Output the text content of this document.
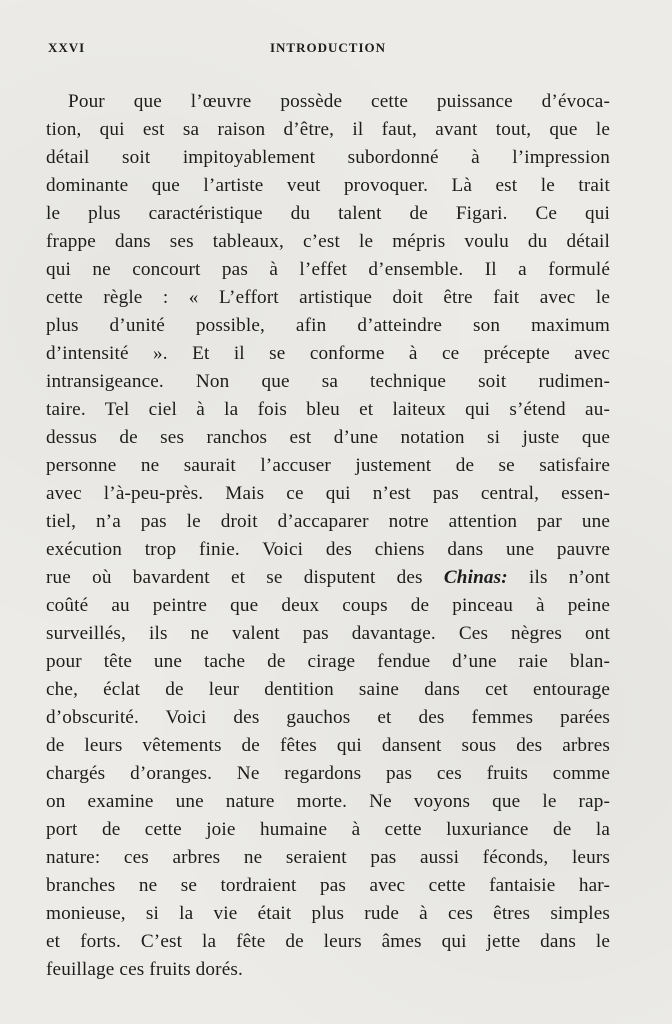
XXVI	INTRODUCTION
Pour que l’œuvre possède cette puissance d’évoca-
tion, qui est sa raison d’être, il faut, avant tout, que le
détail soit impitoyablement subordonné à l’impression
dominante que l’artiste veut provoquer. Là est le trait
le plus caractéristique du talent de Figari. Ce qui
frappe dans ses tableaux, c’est le mépris voulu du détail
qui ne concourt pas à l’effet d’ensemble. Il a formulé
cette règle : « L’effort artistique doit être fait avec le
plus d’unité possible, afin d’atteindre son maximum
d’intensité ». Et il se conforme à ce précepte avec
intransigeance. Non que sa technique soit rudimen-
taire. Tel ciel à la fois bleu et laiteux qui s’étend au-
dessus de ses ranchos est d’une notation si juste que
personne ne saurait l’accuser justement de se satisfaire
avec l’à-peu-près. Mais ce qui n’est pas central, essen-
tiel, n’a pas le droit d’accaparer notre attention par une
exécution trop finie. Voici des chiens dans une pauvre
rue où bavardent et se disputent des Chinas: ils n’ont
coûté au peintre que deux coups de pinceau à peine
surveillés, ils ne valent pas davantage. Ces nègres ont
pour tête une tache de cirage fendue d’une raie blan-
che, éclat de leur dentition saine dans cet entourage
d’obscurité. Voici des gauchos et des femmes parées
de leurs vêtements de fêtes qui dansent sous des arbres
chargés d’oranges. Ne regardons pas ces fruits comme
on examine une nature morte. Ne voyons que le rap-
port de cette joie humaine à cette luxuriance de la
nature: ces arbres ne seraient pas aussi féconds, leurs
branches ne se tordraient pas avec cette fantaisie har-
monieuse, si la vie était plus rude à ces êtres simples
et forts. C’est la fête de leurs âmes qui jette dans le
feuillage ces fruits dorés.
